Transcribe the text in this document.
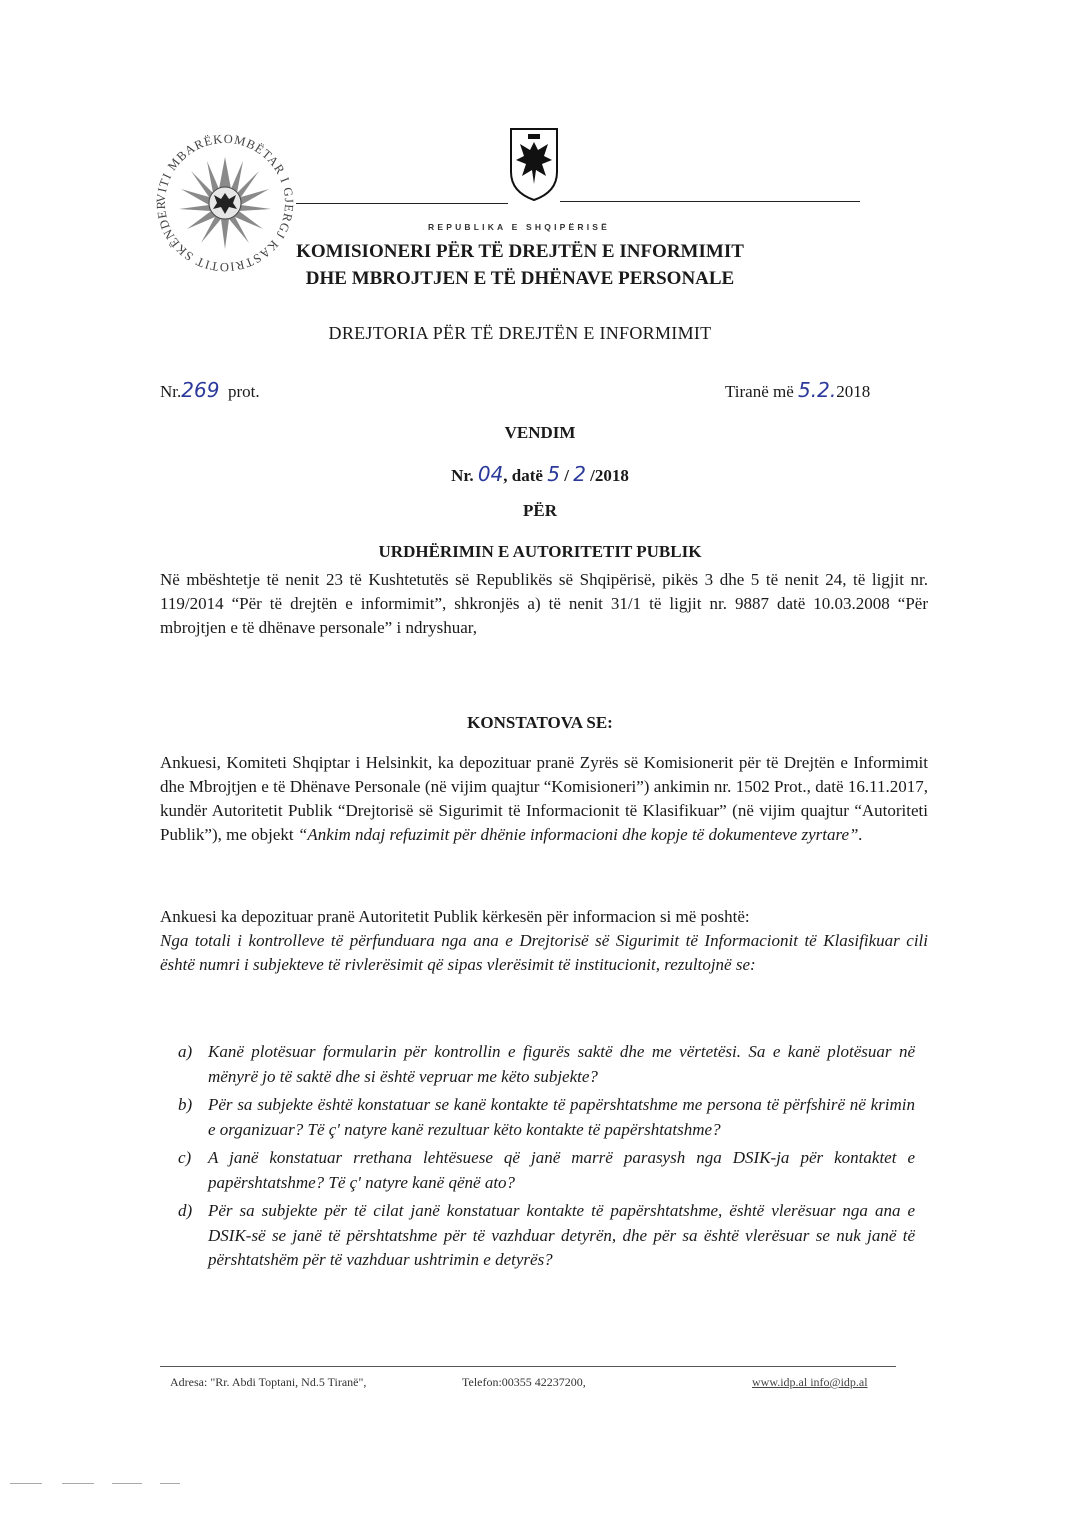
VITI MBARËKOMBËTAR I GJERGJ KASTRIOTIT SKËNDER
REPUBLIKA E SHQIPËRISË
KOMISIONERI PËR TË DREJTËN E INFORMIMIT
DHE MBROJTJEN E TË DHËNAVE PERSONALE
DREJTORIA PËR TË DREJTËN E INFORMIMIT
Nr.269 prot.	Tiranë më 5.2.2018
VENDIM
Nr. 04, datë 5 / 2 /2018
PËR
URDHËRIMIN E AUTORITETIT PUBLIK

Në mbështetje të nenit 23 të Kushtetutës së Republikës së Shqipërisë, pikës 3 dhe 5 të nenit 24, të ligjit nr. 119/2014 “Për të drejtën e informimit”, shkronjës a) të nenit 31/1 të ligjit nr. 9887 datë 10.03.2008 “Për mbrojtjen e të dhënave personale” i ndryshuar,

KONSTATOVA SE:

Ankuesi, Komiteti Shqiptar i Helsinkit, ka depozituar pranë Zyrës së Komisionerit për të Drejtën e Informimit dhe Mbrojtjen e të Dhënave Personale (në vijim quajtur “Komisioneri”) ankimin nr. 1502 Prot., datë 16.11.2017, kundër Autoritetit Publik “Drejtorisë së Sigurimit të Informacionit të Klasifikuar” (në vijim quajtur “Autoriteti Publik”), me objekt “Ankim ndaj refuzimit për dhënie informacioni dhe kopje të dokumenteve zyrtare”.

Ankuesi ka depozituar pranë Autoritetit Publik kërkesën për informacion si më poshtë:

Nga totali i kontrolleve të përfunduara nga ana e Drejtorisë së Sigurimit të Informacionit të Klasifikuar cili është numri i subjekteve të rivlerësimit që sipas vlerësimit të institucionit, rezultojnë se:

a) Kanë plotësuar formularin për kontrollin e figurës saktë dhe me vërtetësi. Sa e kanë plotësuar në mënyrë jo të saktë dhe si është vepruar me këto subjekte?
b) Për sa subjekte është konstatuar se kanë kontakte të papërshtatshme me persona të përfshirë në krimin e organizuar? Të ç' natyre kanë rezultuar këto kontakte të papërshtatshme?
c) A janë konstatuar rrethana lehtësuese që janë marrë parasysh nga DSIK-ja për kontaktet e papërshtatshme? Të ç' natyre kanë qënë ato?
d) Për sa subjekte për të cilat janë konstatuar kontakte të papërshtatshme, është vlerësuar nga ana e DSIK-së se janë të përshtatshme për të vazhduar detyrën, dhe për sa është vlerësuar se nuk janë të përshtatshëm për të vazhduar ushtrimin e detyrës?
Adresa: "Rr. Abdi Toptani, Nd.5 Tiranë",	Telefon:00355 42237200,	www.idp.al info@idp.al
